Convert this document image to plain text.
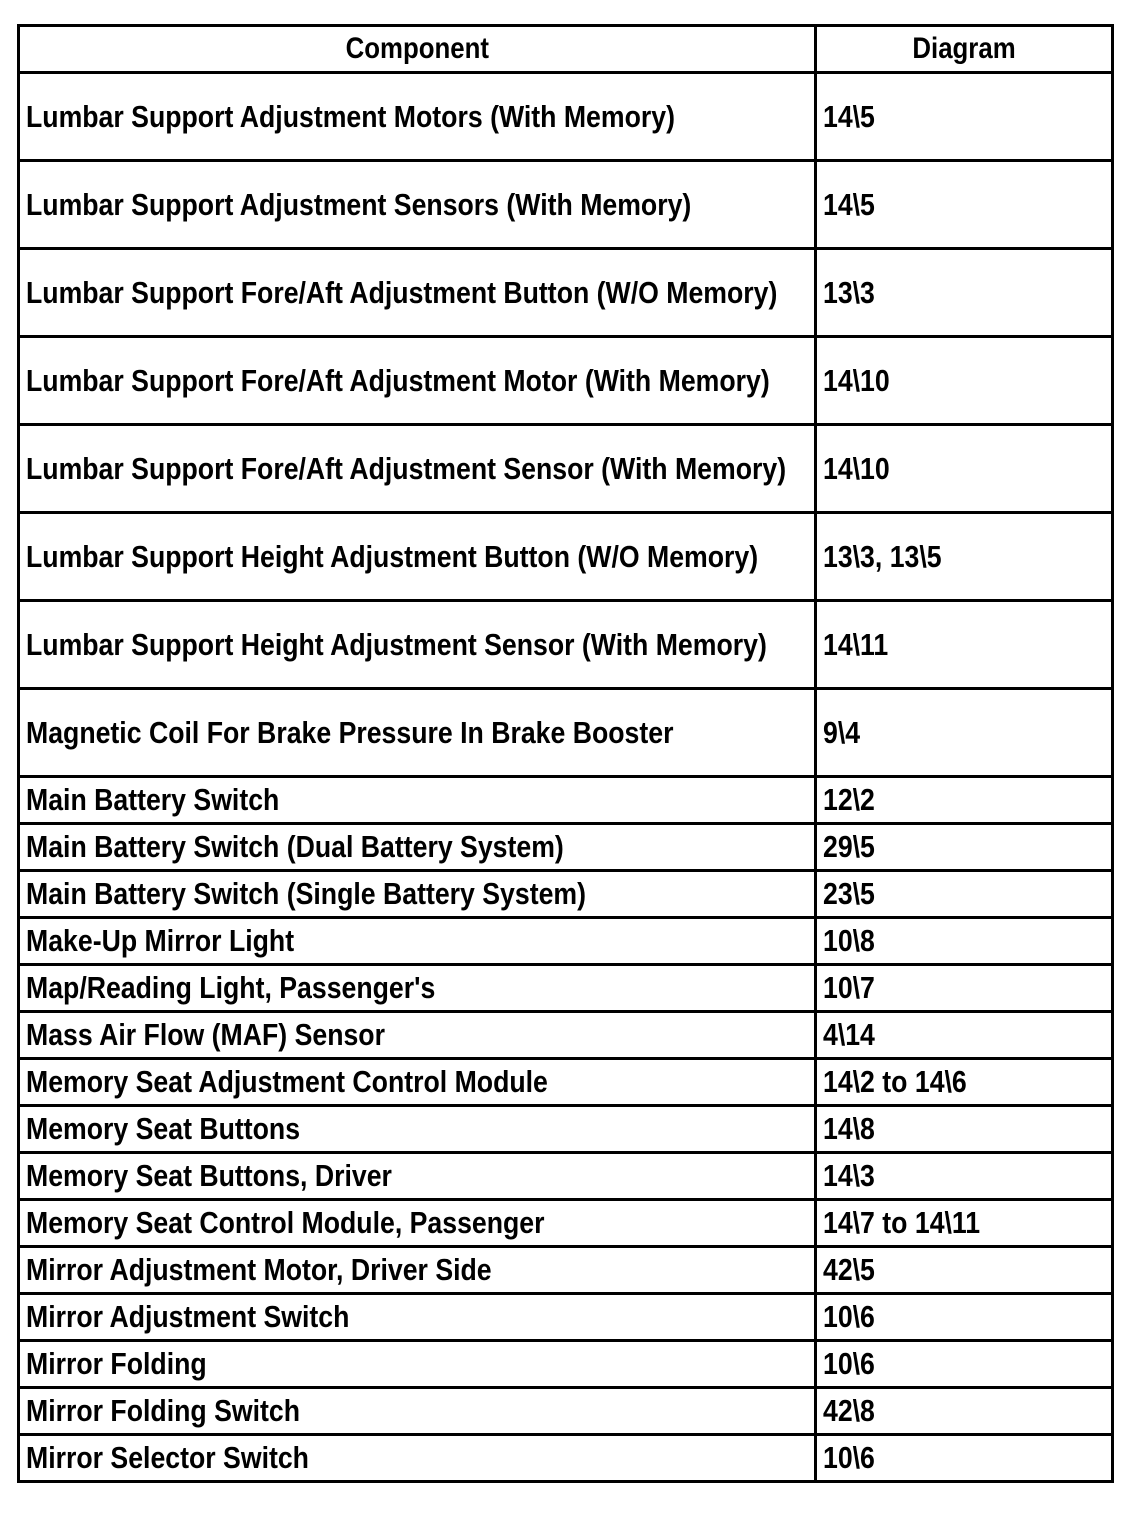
Component	Diagram

Lumbar Support Adjustment Motors (With Memory)	14\5

Lumbar Support Adjustment Sensors (With Memory)	14\5

Lumbar Support Fore/Aft Adjustment Button (W/O Memory)	13\3

Lumbar Support Fore/Aft Adjustment Motor (With Memory)	14\10

Lumbar Support Fore/Aft Adjustment Sensor (With Memory)	14\10

Lumbar Support Height Adjustment Button (W/O Memory)	13\3, 13\5

Lumbar Support Height Adjustment Sensor (With Memory)	14\11

Magnetic Coil For Brake Pressure In Brake Booster	9\4
Main Battery Switch	12\2
Main Battery Switch (Dual Battery System)	29\5
Main Battery Switch (Single Battery System)	23\5
Make-Up Mirror Light	10\8
Map/Reading Light, Passenger's	10\7
Mass Air Flow (MAF) Sensor	4\14
Memory Seat Adjustment Control Module	14\2 to 14\6
Memory Seat Buttons	14\8
Memory Seat Buttons, Driver	14\3
Memory Seat Control Module, Passenger	14\7 to 14\11
Mirror Adjustment Motor, Driver Side	42\5
Mirror Adjustment Switch	10\6
Mirror Folding	10\6
Mirror Folding Switch	42\8
Mirror Selector Switch	10\6
